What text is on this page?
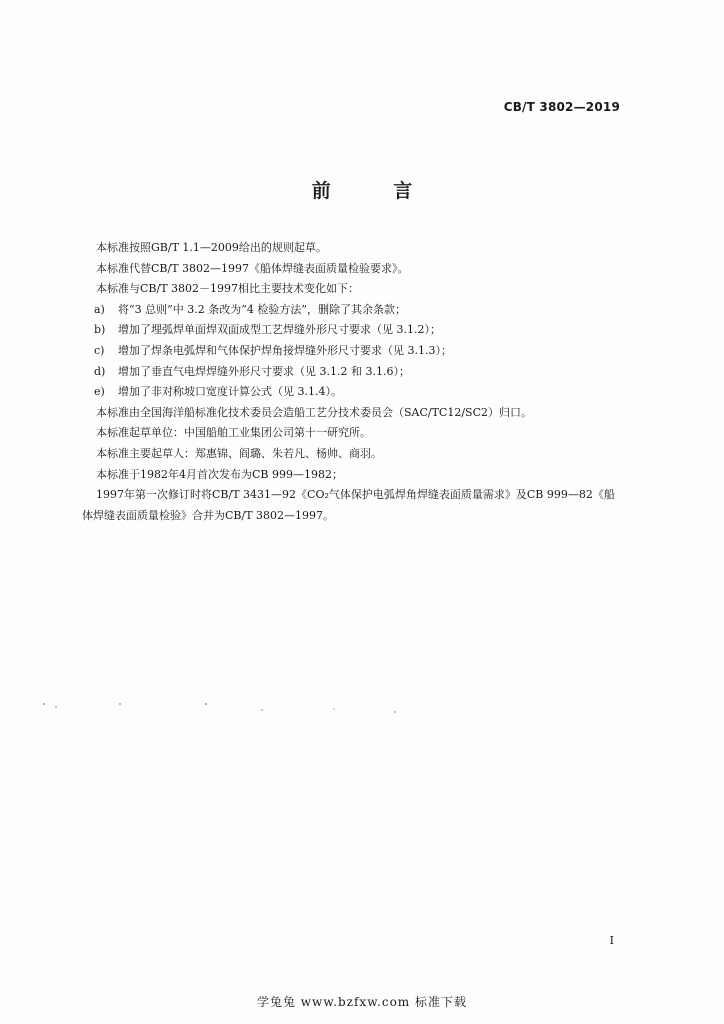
CB/T 3802—2019
前 言

本标准按照GB/T 1.1—2009给出的规则起草。

本标准代替CB/T 3802—1997《船体焊缝表面质量检验要求》。

本标准与CB/T 3802－1997相比主要技术变化如下：

a) 将“3 总则”中 3.2 条改为“4 检验方法”，删除了其余条款；

b) 增加了埋弧焊单面焊双面成型工艺焊缝外形尺寸要求（见 3.1.2）；

c) 增加了焊条电弧焊和气体保护焊角接焊缝外形尺寸要求（见 3.1.3）；

d) 增加了垂直气电焊焊缝外形尺寸要求（见 3.1.2 和 3.1.6）；

e) 增加了非对称坡口宽度计算公式（见 3.1.4）。

本标准由全国海洋船标准化技术委员会造船工艺分技术委员会（SAC/TC12/SC2）归口。

本标准起草单位：中国船舶工业集团公司第十一研究所。

本标准主要起草人：郑惠锦、阎璐、朱若凡、杨帅、商羽。

本标准于1982年4月首次发布为CB 999—1982；

1997年第一次修订时将CB/T 3431—92《CO₂气体保护电弧焊角焊缝表面质量需求》及CB 999—82《船
体焊缝表面质量检验》合并为CB/T 3802—1997。
I
学兔兔 www.bzfxw.com 标准下载
